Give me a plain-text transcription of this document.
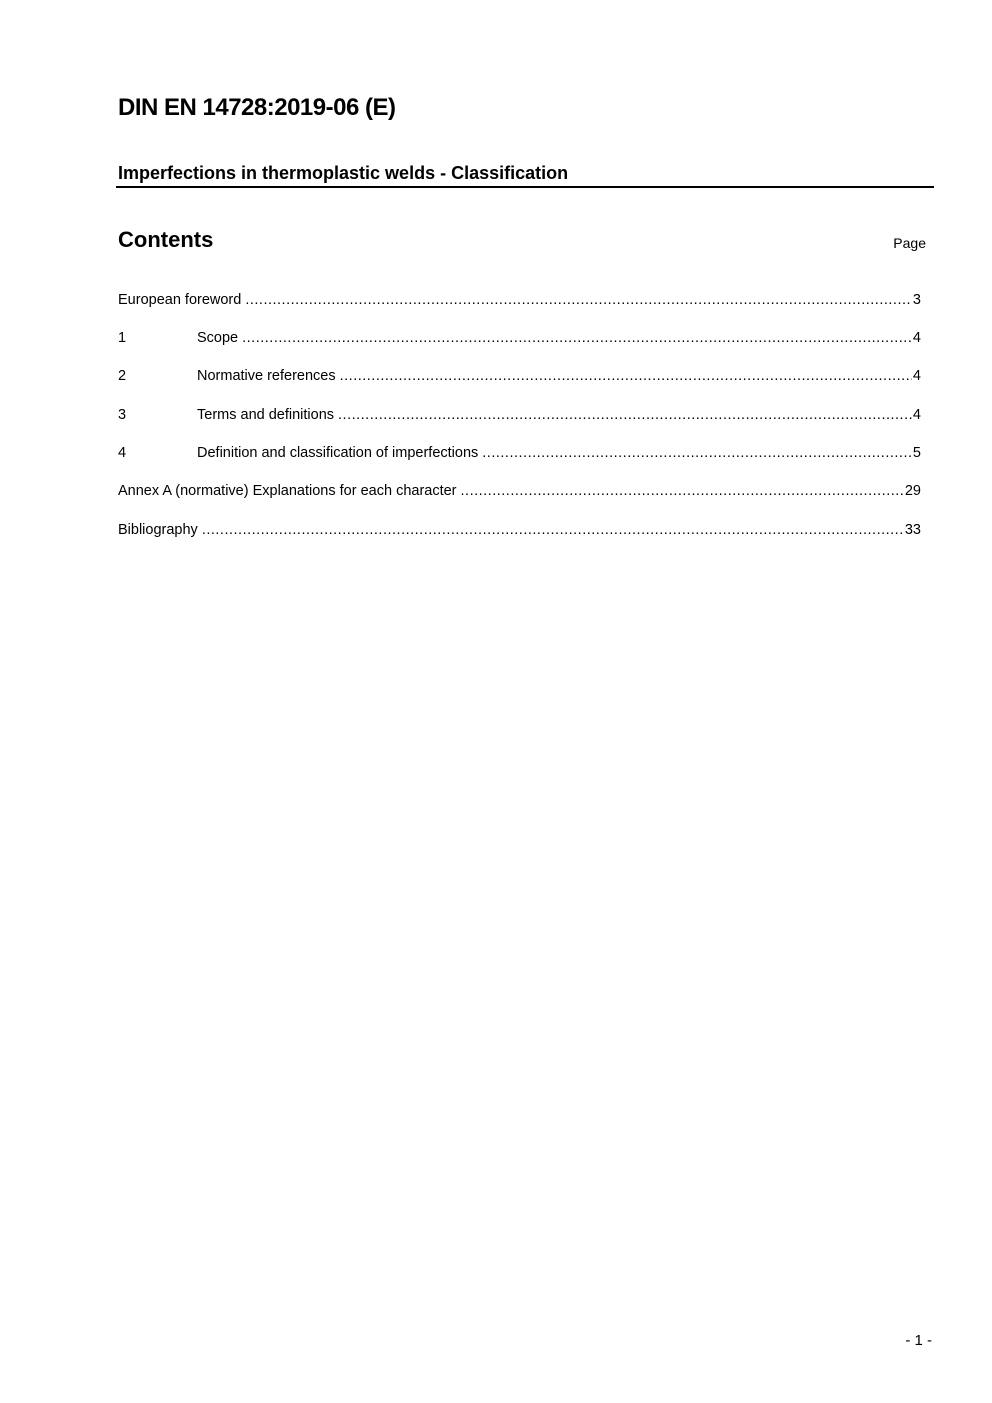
DIN EN 14728:2019-06 (E)
Imperfections in thermoplastic welds - Classification
Contents	Page
European foreword .....	3
1	Scope .....	4
2	Normative references .....	4
3	Terms and definitions .....	4
4	Definition and classification of imperfections .....	5
Annex A (normative) Explanations for each character .....	29
Bibliography .....	33
- 1 -
